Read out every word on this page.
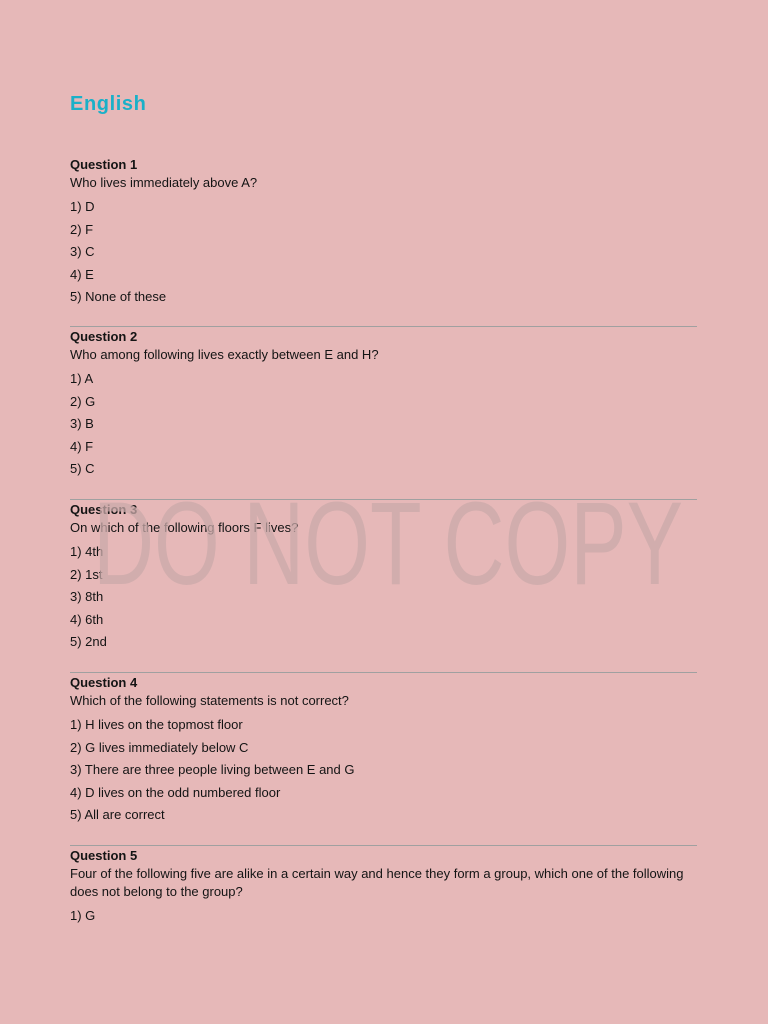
English

Question 1

Who lives immediately above A?

1) D
2) F
3) C
4) E
5) None of these

Question 2

Who among following lives exactly between E and H?

1) A
2) G
3) B
4) F
5) C

Question 3

On which of the following floors F lives?

1) 4th
2) 1st
3) 8th
4) 6th
5) 2nd

Question 4

Which of the following statements is not correct?

1) H lives on the topmost floor
2) G lives immediately below C
3) There are three people living between E and G
4) D lives on the odd numbered floor
5) All are correct

Question 5

Four of the following five are alike in a certain way and hence they form a group, which one of the following does not belong to the group?

1) G
DO NOT COPY
